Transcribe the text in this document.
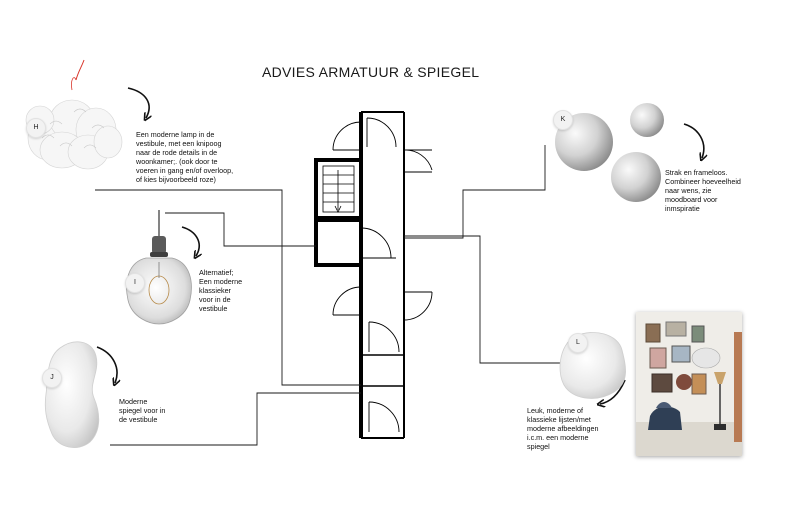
ADVIES ARMATUUR & SPIEGEL
H
I
J
K
L
Een moderne lamp in de
vestibule, met een knipoog
naar de rode details in de
woonkamer;. (ook door te
voeren in gang en/of overloop,
of kies bijvoorbeeld roze)
Alternatief;
Een moderne
klassieker
voor in de
vestibule
Moderne
spiegel voor in
de vestibule
Strak en frameloos.
Combineer hoeveelheid
naar wens, zie
moodboard voor
inmspiratie
Leuk, moderne of
klassieke lijsten/met
moderne afbeeldingen
i.c.m. een moderne
spiegel
